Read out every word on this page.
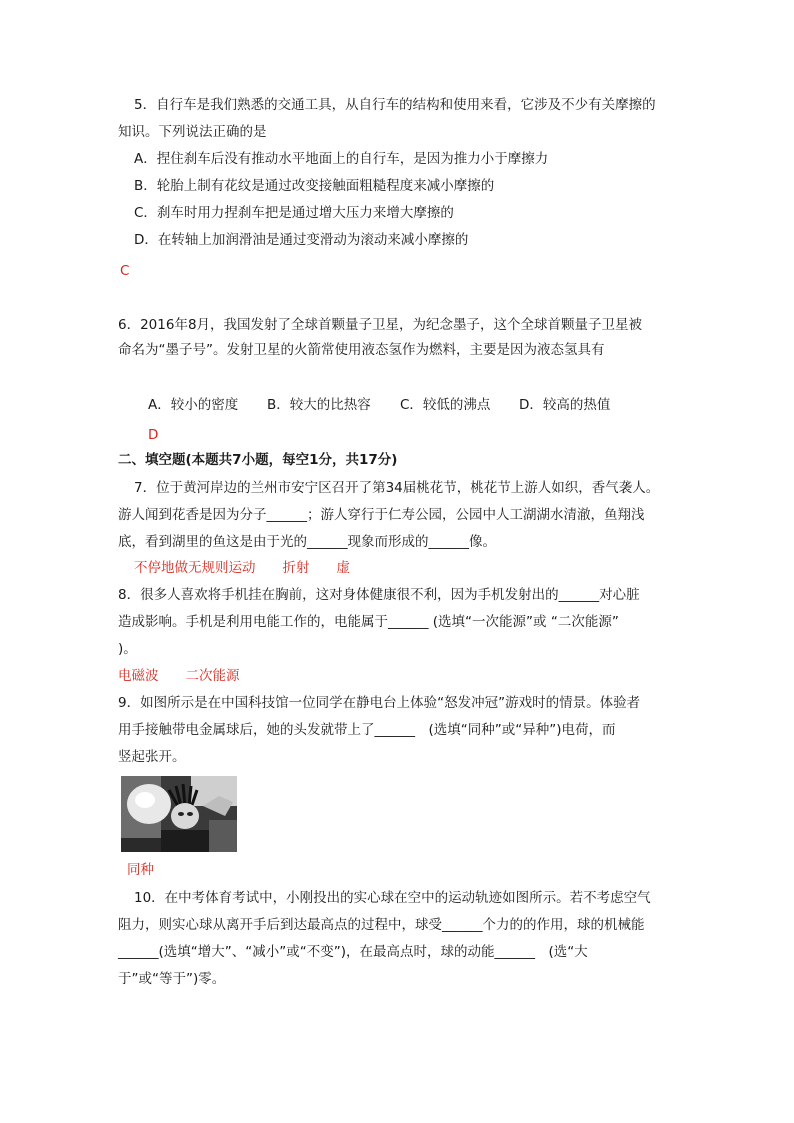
5．自行车是我们熟悉的交通工具，从自行车的结构和使用来看，它涉及不少有关摩擦的
知识。下列说法正确的是
A．捏住刹车后没有推动水平地面上的自行车，是因为推力小于摩擦力
B．轮胎上制有花纹是通过改变接触面粗糙程度来减小摩擦的
C．刹车时用力捏刹车把是通过增大压力来增大摩擦的
D．在转轴上加润滑油是通过变滑动为滚动来减小摩擦的
C
6．2016年8月，我国发射了全球首颗量子卫星，为纪念墨子，这个全球首颗量子卫星被
命名为“墨子号”。发射卫星的火箭常使用液态氢作为燃料，主要是因为液态氢具有
A．较小的密度 B．较大的比热容 C．较低的沸点 D．较高的热值
D
二、填空题(本题共7小题，每空1分，共17分)
7．位于黄河岸边的兰州市安宁区召开了第34届桃花节，桃花节上游人如织，香气袭人。
游人闻到花香是因为分子______；游人穿行于仁寿公园，公园中人工湖湖水清澈，鱼翔浅
底，看到湖里的鱼这是由于光的______现象而形成的______像。
不停地做无规则运动　　折射　　虚
8．很多人喜欢将手机挂在胸前，这对身体健康很不利，因为手机发射出的______对心脏
造成影响。手机是利用电能工作的，电能属于______ (选填“一次能源”或 “二次能源”
)。
电磁波　　二次能源
9．如图所示是在中国科技馆一位同学在静电台上体验“怒发冲冠”游戏时的情景。体验者
用手接触带电金属球后，她的头发就带上了______　(选填“同种”或“异种”)电荷，而
竖起张开。
同种
10．在中考体育考试中，小刚投出的实心球在空中的运动轨迹如图所示。若不考虑空气
阻力，则实心球从离开手后到达最高点的过程中，球受______个力的的作用，球的机械能
______(选填“增大”、“减小”或“不变”)，在最高点时，球的动能______　(选“大
于”或“等于”)零。
